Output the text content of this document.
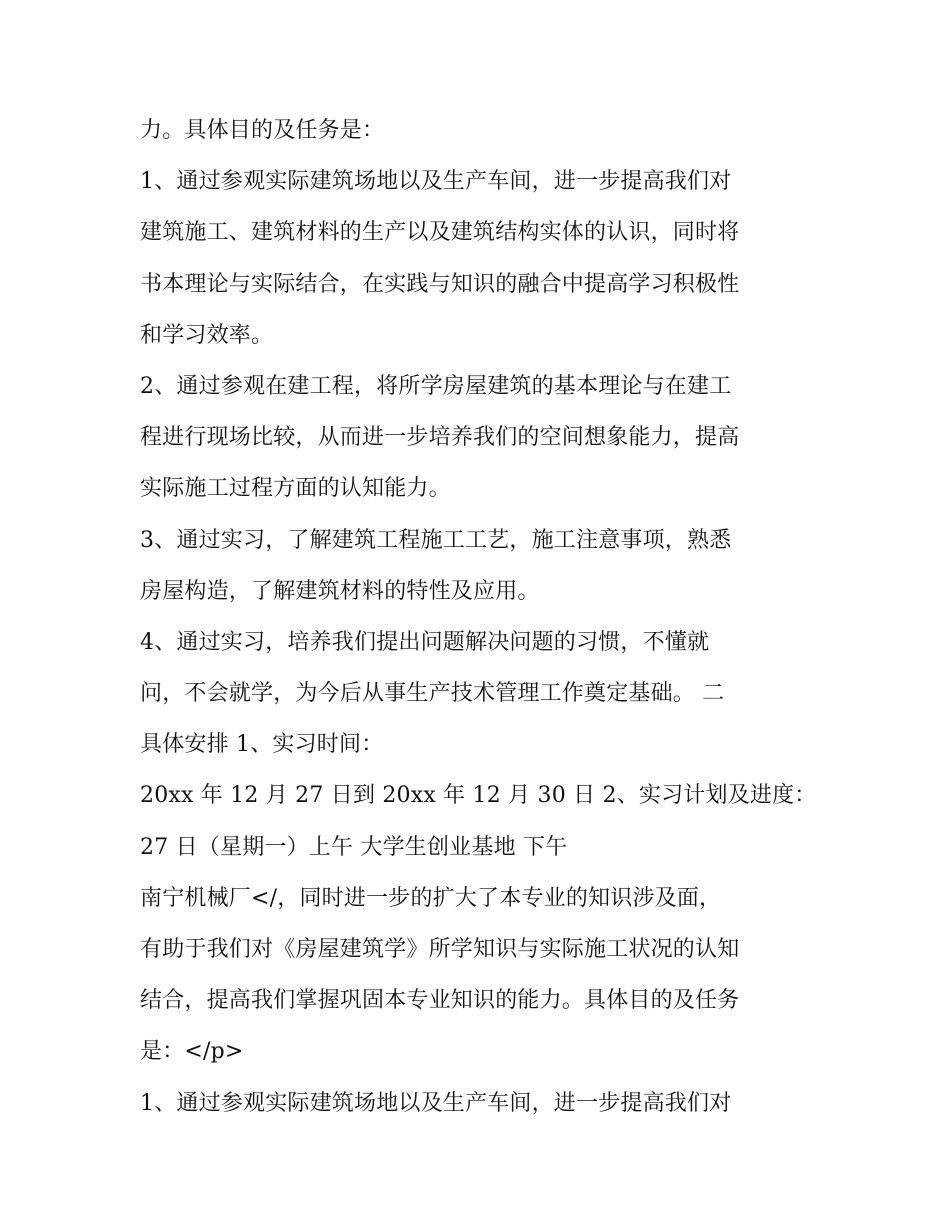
力。具体目的及任务是：
1、通过参观实际建筑场地以及生产车间，进一步提高我们对
建筑施工、建筑材料的生产以及建筑结构实体的认识，同时将
书本理论与实际结合，在实践与知识的融合中提高学习积极性
和学习效率。
2、通过参观在建工程，将所学房屋建筑的基本理论与在建工
程进行现场比较，从而进一步培养我们的空间想象能力，提高
实际施工过程方面的认知能力。
3、通过实习，了解建筑工程施工工艺，施工注意事项，熟悉
房屋构造，了解建筑材料的特性及应用。
4、通过实习，培养我们提出问题解决问题的习惯，不懂就
问，不会就学，为今后从事生产技术管理工作奠定基础。 二
具体安排 1、实习时间：
20xx 年 12 月 27 日到 20xx 年 12 月 30 日 2、实习计划及进度：
27 日（星期一）上午 大学生创业基地 下午
南宁机械厂</，同时进一步的扩大了本专业的知识涉及面，
有助于我们对《房屋建筑学》所学知识与实际施工状况的认知
结合，提高我们掌握巩固本专业知识的能力。具体目的及任务
是：</p>
1、通过参观实际建筑场地以及生产车间，进一步提高我们对
